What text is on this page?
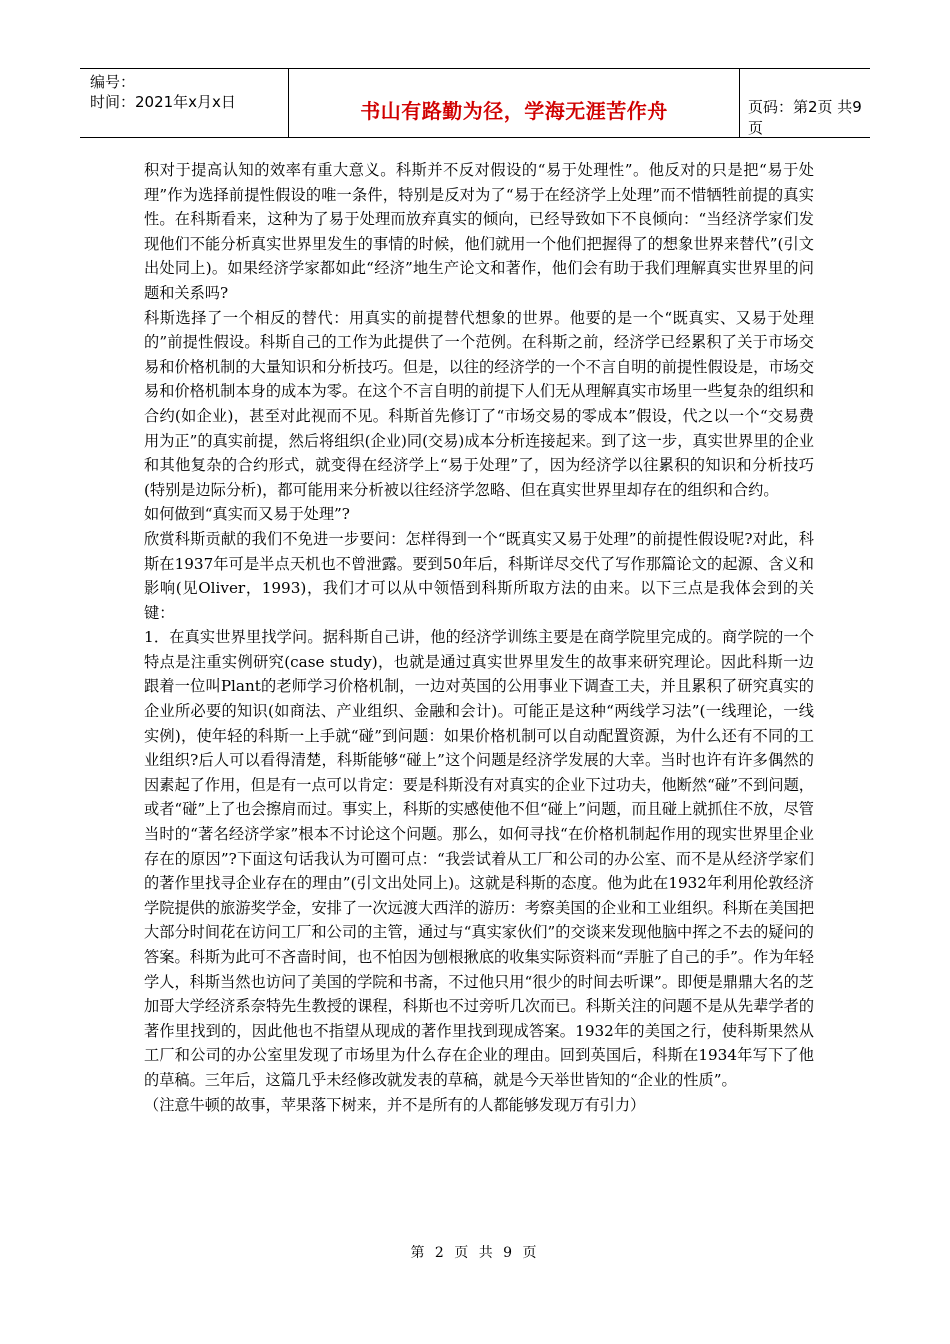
编号：
时间：2021年x月x日	书山有路勤为径，学海无涯苦作舟	页码：第2页 共9页

积对于提高认知的效率有重大意义。科斯并不反对假设的“易于处理性”。他反对的只是把“易于处理”作为选择前提性假设的唯一条件，特别是反对为了“易于在经济学上处理”而不惜牺牲前提的真实性。在科斯看来，这种为了易于处理而放弃真实的倾向，已经导致如下不良倾向：“当经济学家们发现他们不能分析真实世界里发生的事情的时候，他们就用一个他们把握得了的想象世界来替代”(引文出处同上)。如果经济学家都如此“经济”地生产论文和著作，他们会有助于我们理解真实世界里的问题和关系吗?

科斯选择了一个相反的替代：用真实的前提替代想象的世界。他要的是一个“既真实、又易于处理的”前提性假设。科斯自己的工作为此提供了一个范例。在科斯之前，经济学已经累积了关于市场交易和价格机制的大量知识和分析技巧。但是，以往的经济学的一个不言自明的前提性假设是，市场交易和价格机制本身的成本为零。在这个不言自明的前提下人们无从理解真实市场里一些复杂的组织和合约(如企业)，甚至对此视而不见。科斯首先修订了“市场交易的零成本”假设，代之以一个“交易费用为正”的真实前提，然后将组织(企业)同(交易)成本分析连接起来。到了这一步，真实世界里的企业和其他复杂的合约形式，就变得在经济学上“易于处理”了，因为经济学以往累积的知识和分析技巧(特别是边际分析)，都可能用来分析被以往经济学忽略、但在真实世界里却存在的组织和合约。

如何做到“真实而又易于处理”?

欣赏科斯贡献的我们不免进一步要问：怎样得到一个“既真实又易于处理”的前提性假设呢?对此，科斯在1937年可是半点天机也不曾泄露。要到50年后，科斯详尽交代了写作那篇论文的起源、含义和影响(见Oliver，1993)，我们才可以从中领悟到科斯所取方法的由来。以下三点是我体会到的关键：

1．在真实世界里找学问。据科斯自己讲，他的经济学训练主要是在商学院里完成的。商学院的一个特点是注重实例研究(case study)，也就是通过真实世界里发生的故事来研究理论。因此科斯一边跟着一位叫Plant的老师学习价格机制，一边对英国的公用事业下调查工夫，并且累积了研究真实的企业所必要的知识(如商法、产业组织、金融和会计)。可能正是这种“两线学习法”(一线理论，一线实例)，使年轻的科斯一上手就“碰”到问题：如果价格机制可以自动配置资源，为什么还有不同的工业组织?后人可以看得清楚，科斯能够“碰上”这个问题是经济学发展的大幸。当时也许有许多偶然的因素起了作用，但是有一点可以肯定：要是科斯没有对真实的企业下过功夫，他断然“碰”不到问题，或者“碰”上了也会擦肩而过。事实上，科斯的实感使他不但“碰上”问题，而且碰上就抓住不放，尽管当时的“著名经济学家”根本不讨论这个问题。那么，如何寻找“在价格机制起作用的现实世界里企业存在的原因”?下面这句话我认为可圈可点：“我尝试着从工厂和公司的办公室、而不是从经济学家们的著作里找寻企业存在的理由”(引文出处同上)。这就是科斯的态度。他为此在1932年利用伦敦经济学院提供的旅游奖学金，安排了一次远渡大西洋的游历：考察美国的企业和工业组织。科斯在美国把大部分时间花在访问工厂和公司的主管，通过与“真实家伙们”的交谈来发现他脑中挥之不去的疑问的答案。科斯为此可不吝啬时间，也不怕因为刨根揪底的收集实际资料而“弄脏了自己的手”。作为年轻学人，科斯当然也访问了美国的学院和书斋，不过他只用“很少的时间去听课”。即便是鼎鼎大名的芝加哥大学经济系奈特先生教授的课程，科斯也不过旁听几次而已。科斯关注的问题不是从先辈学者的著作里找到的，因此他也不指望从现成的著作里找到现成答案。1932年的美国之行，使科斯果然从工厂和公司的办公室里发现了市场里为什么存在企业的理由。回到英国后，科斯在1934年写下了他的草稿。三年后，这篇几乎未经修改就发表的草稿，就是今天举世皆知的“企业的性质”。

（注意牛顿的故事，苹果落下树来，并不是所有的人都能够发现万有引力）

第 2 页 共 9 页
